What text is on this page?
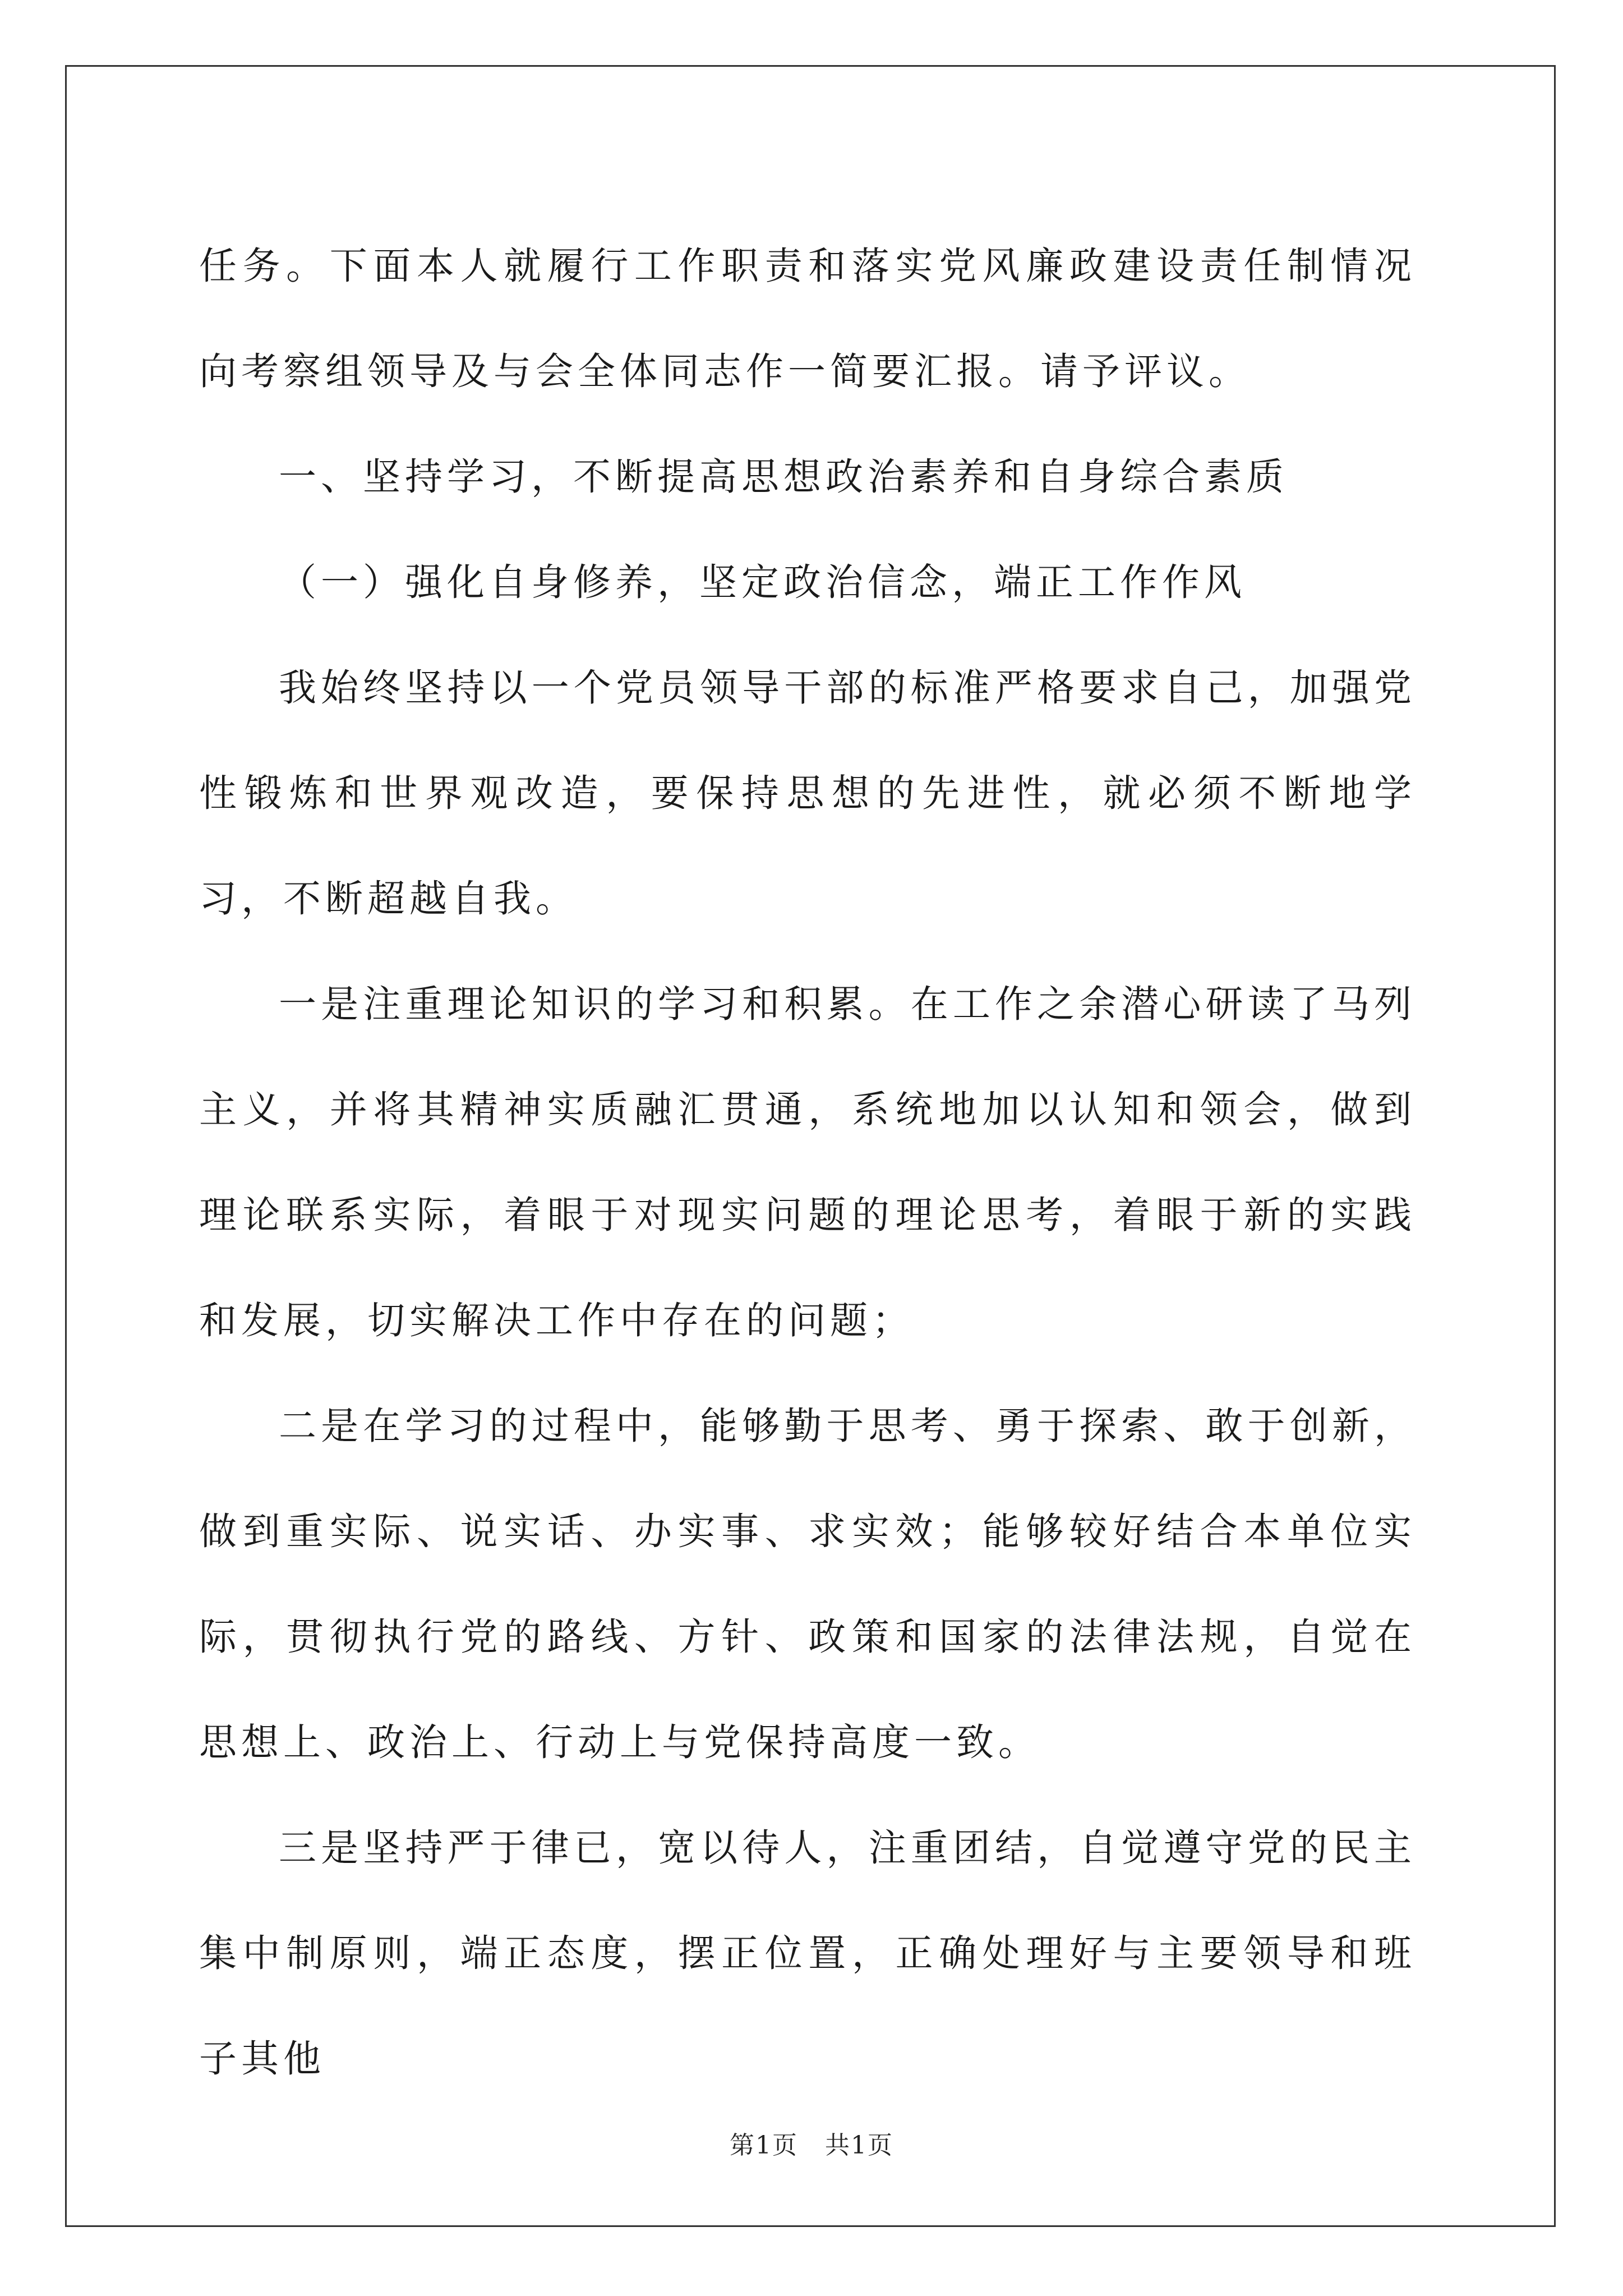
任务。下面本人就履行工作职责和落实党风廉政建设责任制情况向考察组领导及与会全体同志作一简要汇报。请予评议。

一、坚持学习，不断提高思想政治素养和自身综合素质

（一）强化自身修养，坚定政治信念，端正工作作风

我始终坚持以一个党员领导干部的标准严格要求自己，加强党性锻炼和世界观改造，要保持思想的先进性，就必须不断地学习，不断超越自我。

一是注重理论知识的学习和积累。在工作之余潜心研读了马列主义，并将其精神实质融汇贯通，系统地加以认知和领会，做到理论联系实际，着眼于对现实问题的理论思考，着眼于新的实践和发展，切实解决工作中存在的问题；

二是在学习的过程中，能够勤于思考、勇于探索、敢于创新，做到重实际、说实话、办实事、求实效；能够较好结合本单位实际，贯彻执行党的路线、方针、政策和国家的法律法规，自觉在思想上、政治上、行动上与党保持高度一致。

三是坚持严于律已，宽以待人，注重团结，自觉遵守党的民主集中制原则，端正态度，摆正位置，正确处理好与主要领导和班子其他

第1页 共1页
